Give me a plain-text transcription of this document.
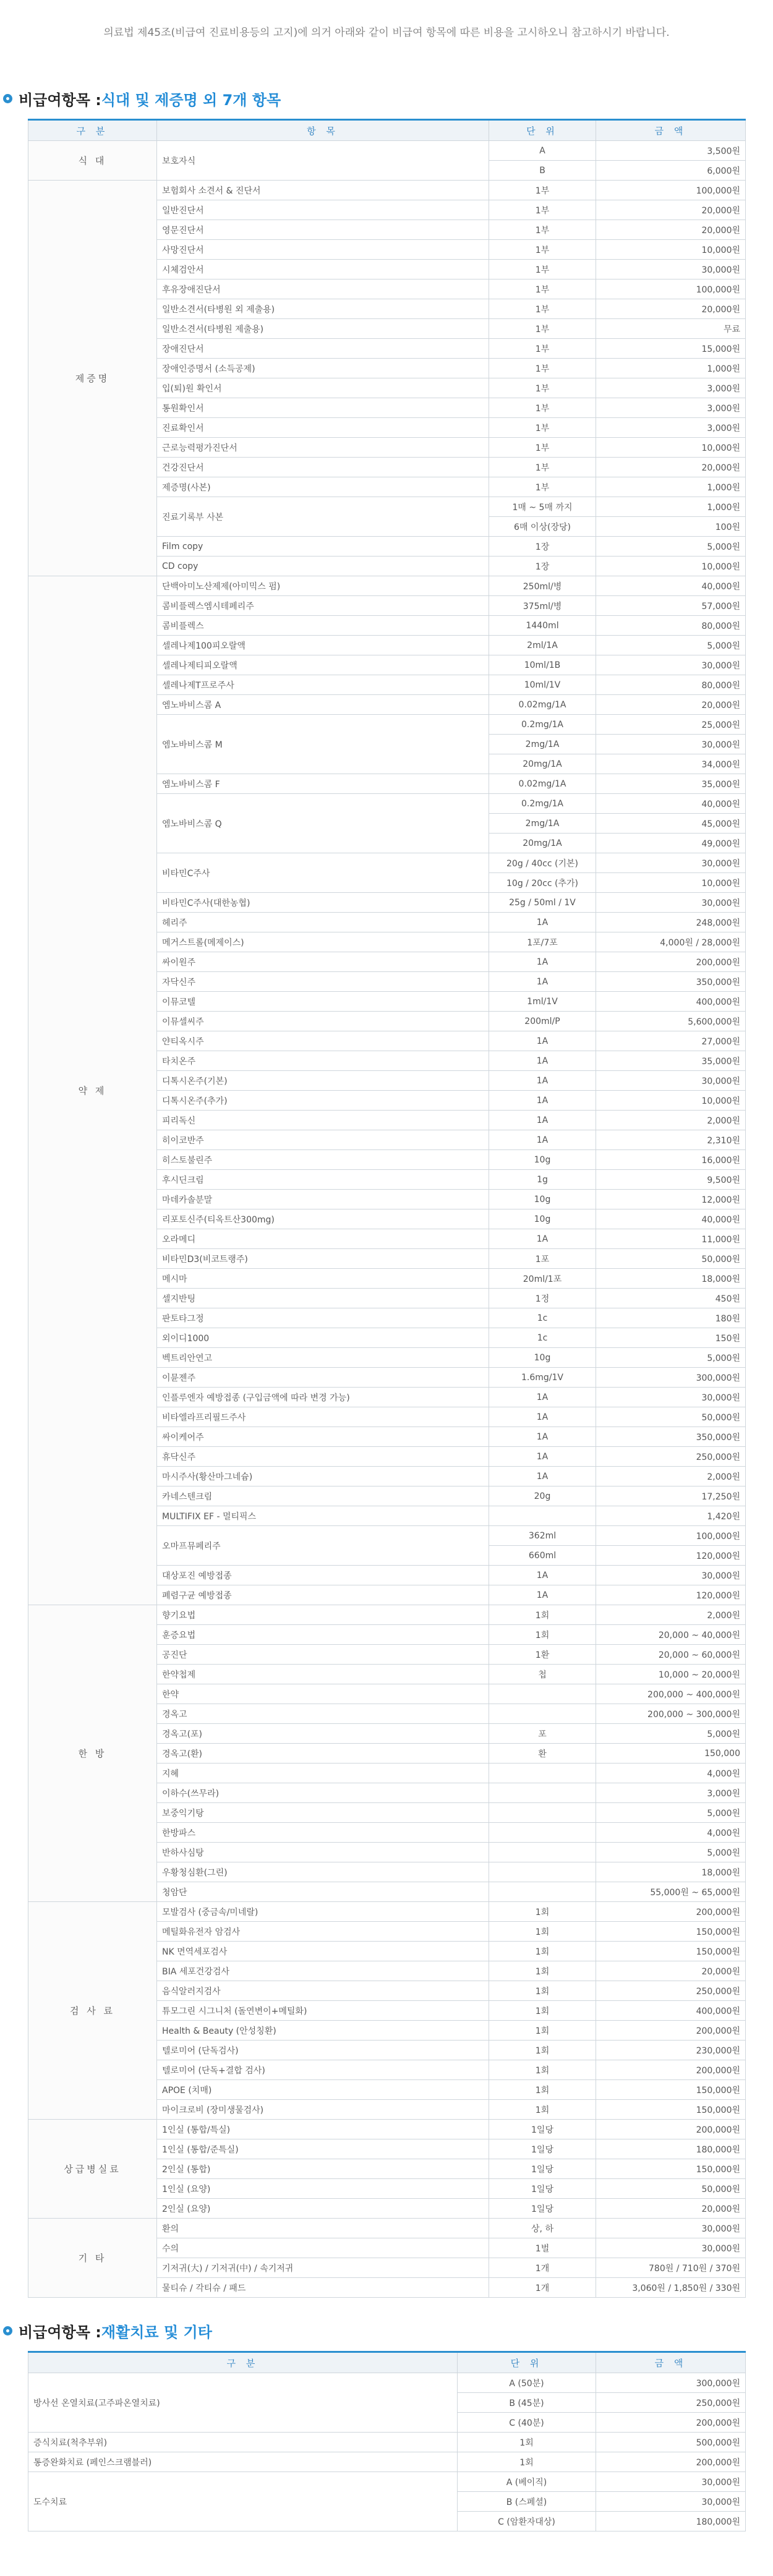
의료법 제45조(비급여 진료비용등의 고지)에 의거 아래와 같이 비급여 항목에 따른 비용을 고시하오니 참고하시기 바랍니다.
비급여항목 : 식대 및 제증명 외 7개 항목
구 분	항 목	단 위	금 액
식 대	보호자식	A	3,500원
		B	6,000원
제증명	보험회사 소견서 & 진단서	1부	100,000원
	일반진단서	1부	20,000원
	영문진단서	1부	20,000원
	사망진단서	1부	10,000원
	시체검안서	1부	30,000원
	후유장애진단서	1부	100,000원
	일반소견서(타병원 외 제출용)	1부	20,000원
	일반소견서(타병원 제출용)	1부	무료
	장애진단서	1부	15,000원
	장애인증명서 (소득공제)	1부	1,000원
	입(퇴)원 확인서	1부	3,000원
	통원확인서	1부	3,000원
	진료확인서	1부	3,000원
	근로능력평가진단서	1부	10,000원
	건강진단서	1부	20,000원
	제증명(사본)	1부	1,000원
	진료기록부 사본	1매 ~ 5매 까지	1,000원
		6매 이상(장당)	100원
	Film copy	1장	5,000원
	CD copy	1장	10,000원
약 제	단백아미노산제제(아미믹스 펌)	250ml/병	40,000원
	콤비플렉스엠시테페리주	375ml/병	57,000원
	콤비플렉스	1440ml	80,000원
	셀레나제100피오랄액	2ml/1A	5,000원
	셀레나제티피오랄액	10ml/1B	30,000원
	셀레나제T프로주사	10ml/1V	80,000원
	엠노바비스콤 A	0.02mg/1A	20,000원
	엠노바비스콤 M	0.2mg/1A	25,000원
		2mg/1A	30,000원
		20mg/1A	34,000원
	엠노바비스콤 F	0.02mg/1A	35,000원
	엠노바비스콤 Q	0.2mg/1A	40,000원
		2mg/1A	45,000원
		20mg/1A	49,000원
	비타민C주사	20g / 40cc (기본)	30,000원
		10g / 20cc (추가)	10,000원
	비타민C주사(대한농협)	25g / 50ml / 1V	30,000원
	헤리주	1A	248,000원
	메거스트롤(메제이스)	1포/7포	4,000원 / 28,000원
	싸이원주	1A	200,000원
	자닥신주	1A	350,000원
	이뮤코텔	1ml/1V	400,000원
	이뮤셀씨주	200ml/P	5,600,000원
	얀티옥시주	1A	27,000원
	타치온주	1A	35,000원
	디톡시온주(기본)	1A	30,000원
	디톡시온주(추가)	1A	10,000원
	피리독신	1A	2,000원
	히이코반주	1A	2,310원
	히스토불린주	10g	16,000원
	후시딘크림	1g	9,500원
	마데카솔분말	10g	12,000원
	리포토신주(티옥트산300mg)	10g	40,000원
	오라메디	1A	11,000원
	비타민D3(비코트랭주)	1포	50,000원
	메시마	20ml/1포	18,000원
	셀지반팅	1정	450원
	판토타그정	1c	180원
	외이디1000	1c	150원
	벡트리안연고	10g	5,000원
	이뮨젠주	1.6mg/1V	300,000원
	인플루엔자 예방접종 (구입금액에 따라 변경 가능)	1A	30,000원
	비타엘라프리필드주사	1A	50,000원
	싸이케어주	1A	350,000원
	휴닥신주	1A	250,000원
	마시주사(황산마그네슘)	1A	2,000원
	카네스텐크림	20g	17,250원
	MULTIFIX EF - 멀티픽스		1,420원
	오마프뮤페리주	362ml	100,000원
		660ml	120,000원
	대상포진 예방접종	1A	30,000원
	폐렴구균 예방접종	1A	120,000원
한 방	향기요법	1회	2,000원
	훈증요법	1회	20,000 ~ 40,000원
	공진단	1환	20,000 ~ 60,000원
	한약첩제	첩	10,000 ~ 20,000원
	한약		200,000 ~ 400,000원
	경옥고		200,000 ~ 300,000원
	경옥고(포)	포	5,000원
	경옥고(환)	환	150,000
	지혜		4,000원
	이하수(쓰무라)		3,000원
	보중익기탕		5,000원
	한방파스		4,000원
	반하사심탕		5,000원
	우황청심환(그린)		18,000원
	청암단		55,000원 ~ 65,000원
검 사 료	모발검사 (중금속/미네랄)	1회	200,000원
	메틸화유전자 암검사	1회	150,000원
	NK 면역세포검사	1회	150,000원
	BIA 세포건강검사	1회	20,000원
	음식알러지검사	1회	250,000원
	튜모그린 시그니처 (돌연변이+메틸화)	1회	400,000원
	Health & Beauty (안성칭환)	1회	200,000원
	텔로미어 (단독검사)	1회	230,000원
	텔로미어 (단독+결합 검사)	1회	200,000원
	APOE (치매)	1회	150,000원
	마이크로비 (장미생물검사)	1회	150,000원
상급병실료	1인실 (통합/특실)	1일당	200,000원
	1인실 (통합/준특실)	1일당	180,000원
	2인실 (통합)	1일당	150,000원
	1인실 (요양)	1일당	50,000원
	2인실 (요양)	1일당	20,000원
기 타	환의	상, 하	30,000원
	수의	1벌	30,000원
	기저귀(大) / 기저귀(中) / 속기저귀	1개	780원 / 710원 / 370원
	물티슈 / 각티슈 / 패드	1개	3,060원 / 1,850원 / 330원
비급여항목 : 재활치료 및 기타
구 분	단 위	금 액
방사선 온열치료(고주파온열치료)	A (50분)	300,000원
	B (45분)	250,000원
	C (40분)	200,000원
증식치료(척추부위)	1회	500,000원
통증완화치료 (페인스크램블러)	1회	200,000원
도수치료	A (베이직)	30,000원
	B (스페셜)	30,000원
	C (암환자대상)	180,000원
